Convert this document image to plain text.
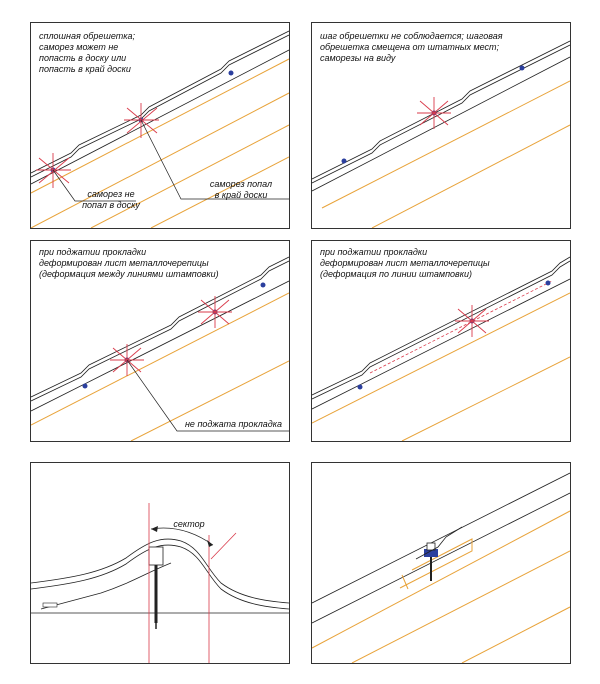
сплошная обрешетка;
саморез может не
попасть в доску или
попасть в край доски
саморез не
попал в доску
саморез попал
в край доски
шаг обрешетки не соблюдается; шаговая
обрешетка смещена от штатных мест;
саморезы на виду
при поджатии прокладки
деформирован лист металлочерепицы
(деформация между линиями штамповки)
не поджата прокладка
при поджатии прокладки
деформирован лист металлочерепицы
(деформация по линии штамповки)
сектор
